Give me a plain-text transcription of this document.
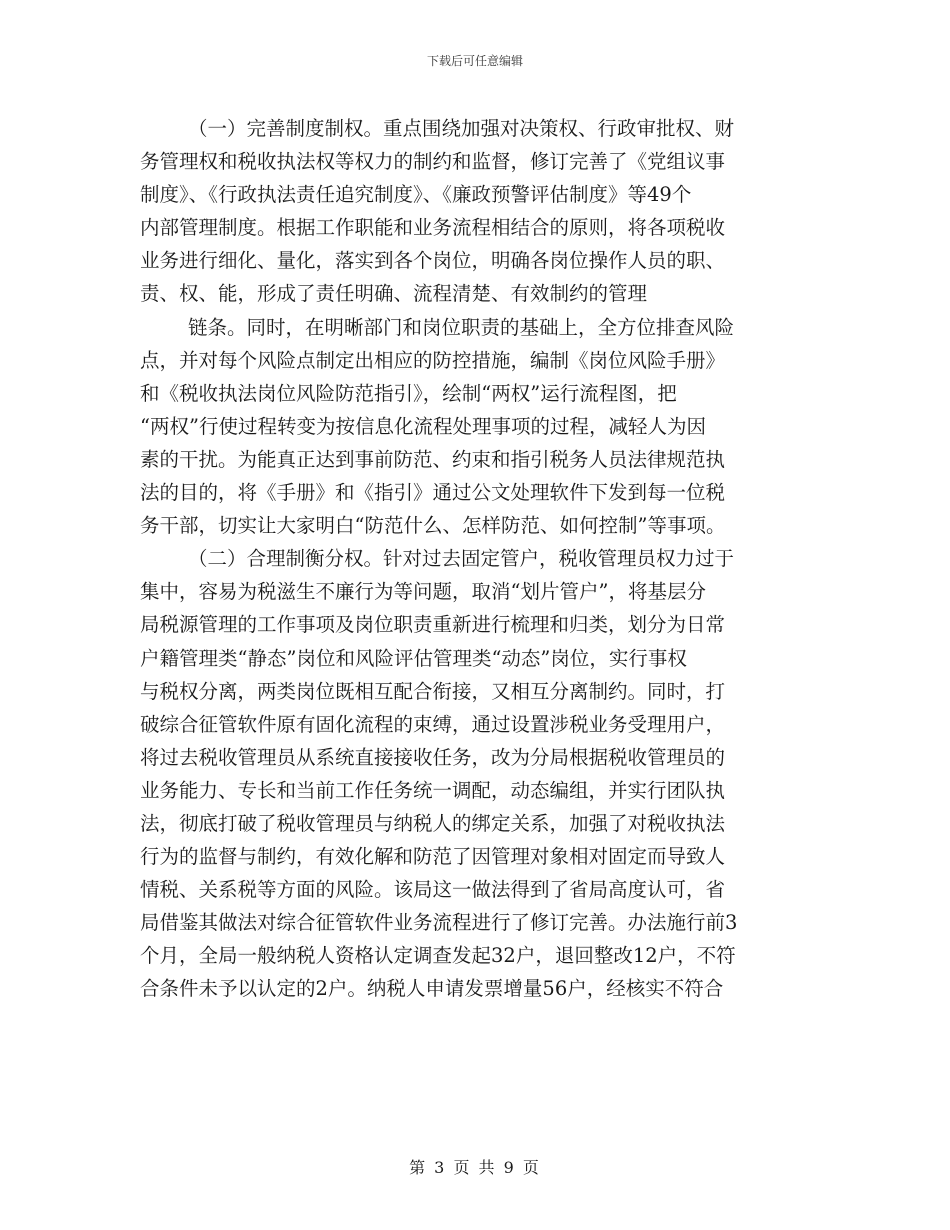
下载后可任意编辑
（一）完善制度制权。重点围绕加强对决策权、行政审批权、财
务管理权和税收执法权等权力的制约和监督，修订完善了《党组议事
制度》、《行政执法责任追究制度》、《廉政预警评估制度》等49个
内部管理制度。根据工作职能和业务流程相结合的原则，将各项税收
业务进行细化、量化，落实到各个岗位，明确各岗位操作人员的职、
责、权、能，形成了责任明确、流程清楚、有效制约的管理
链条。同时，在明晰部门和岗位职责的基础上，全方位排查风险
点，并对每个风险点制定出相应的防控措施，编制《岗位风险手册》
和《税收执法岗位风险防范指引》，绘制“两权”运行流程图，把
“两权”行使过程转变为按信息化流程处理事项的过程，减轻人为因
素的干扰。为能真正达到事前防范、约束和指引税务人员法律规范执
法的目的，将《手册》和《指引》通过公文处理软件下发到每一位税
务干部，切实让大家明白“防范什么、怎样防范、如何控制”等事项。
（二）合理制衡分权。针对过去固定管户，税收管理员权力过于
集中，容易为税滋生不廉行为等问题，取消“划片管户”，将基层分
局税源管理的工作事项及岗位职责重新进行梳理和归类，划分为日常
户籍管理类“静态”岗位和风险评估管理类“动态”岗位，实行事权
与税权分离，两类岗位既相互配合衔接，又相互分离制约。同时，打
破综合征管软件原有固化流程的束缚，通过设置涉税业务受理用户，
将过去税收管理员从系统直接接收任务，改为分局根据税收管理员的
业务能力、专长和当前工作任务统一调配，动态编组，并实行团队执
法，彻底打破了税收管理员与纳税人的绑定关系，加强了对税收执法
行为的监督与制约，有效化解和防范了因管理对象相对固定而导致人
情税、关系税等方面的风险。该局这一做法得到了省局高度认可，省
局借鉴其做法对综合征管软件业务流程进行了修订完善。办法施行前3
个月，全局一般纳税人资格认定调查发起32户，退回整改12户，不符
合条件未予以认定的2户。纳税人申请发票增量56户，经核实不符合
第 3 页 共 9 页
